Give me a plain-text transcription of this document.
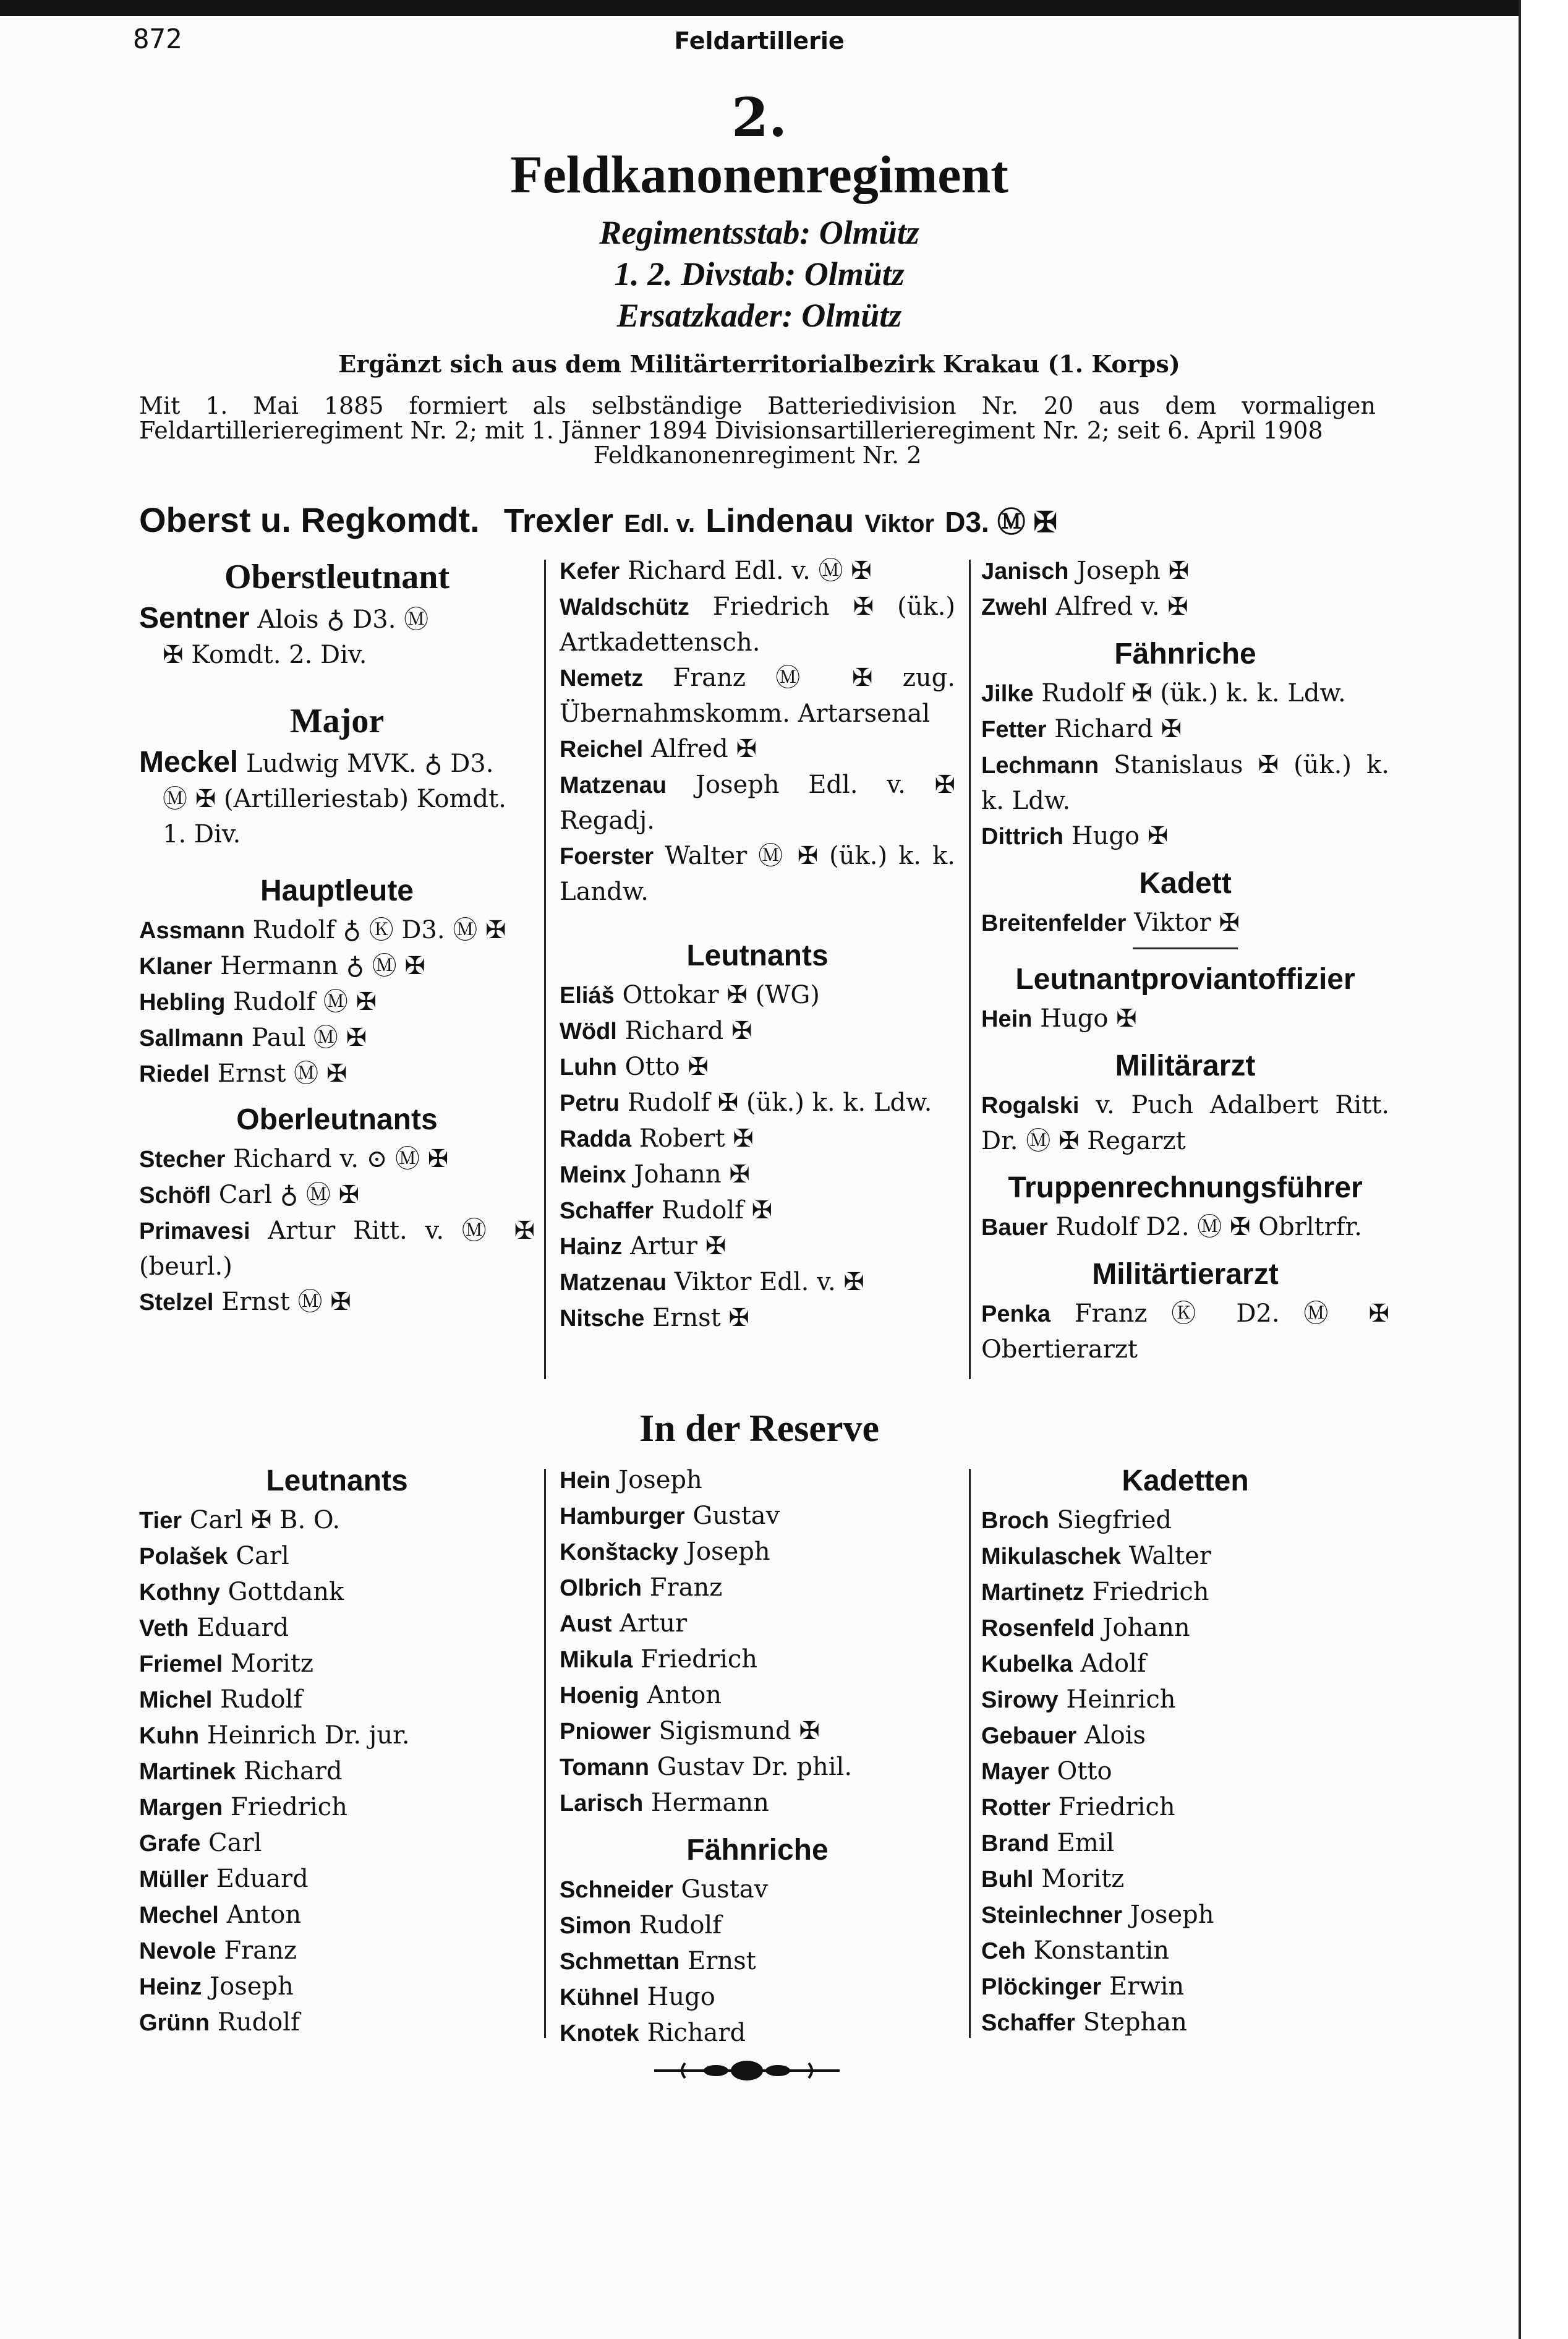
872	Feldartillerie
2.
Feldkanonenregiment
Regimentsstab: Olmütz
1. 2. Divstab: Olmütz
Ersatzkader: Olmütz
Ergänzt sich aus dem Militärterritorialbezirk Krakau (1. Korps)
Mit 1. Mai 1885 formiert als selbständige Batteriedivision Nr. 20 aus dem vormaligen Feldartillerieregiment Nr. 2; mit 1. Jänner 1894 Divisionsartillerieregiment Nr. 2; seit 6. April 1908
Feldkanonenregiment Nr. 2
Oberst u. Regkomdt. Trexler Edl. v. Lindenau Viktor D3. Ⓜ ✠
Oberstleutnant
Sentner Alois ♁ D3. Ⓜ
✠ Komdt. 2. Div.
Major
Meckel Ludwig MVK. ♁ D3.
Ⓜ ✠ (Artilleriestab) Komdt.
1. Div.
Hauptleute
Assmann Rudolf ♁ Ⓚ D3. Ⓜ ✠
Klaner Hermann ♁ Ⓜ ✠
Hebling Rudolf Ⓜ ✠
Sallmann Paul Ⓜ ✠
Riedel Ernst Ⓜ ✠
Oberleutnants
Stecher Richard v. ⊙ Ⓜ ✠
Schöfl Carl ♁ Ⓜ ✠
Primavesi Artur Ritt. v. Ⓜ ✠ (beurl.)
Stelzel Ernst Ⓜ ✠
Kefer Richard Edl. v. Ⓜ ✠
Waldschütz Friedrich ✠ (ük.) Artkadettensch.
Nemetz Franz Ⓜ ✠ zug. Übernahmskomm. Artarsenal
Reichel Alfred ✠
Matzenau Joseph Edl. v. ✠ Regadj.
Foerster Walter Ⓜ ✠ (ük.) k. k. Landw.
Leutnants
Eliáš Ottokar ✠ (WG)
Wödl Richard ✠
Luhn Otto ✠
Petru Rudolf ✠ (ük.) k. k. Ldw.
Radda Robert ✠
Meinx Johann ✠
Schaffer Rudolf ✠
Hainz Artur ✠
Matzenau Viktor Edl. v. ✠
Nitsche Ernst ✠
Janisch Joseph ✠
Zwehl Alfred v. ✠
Fähnriche
Jilke Rudolf ✠ (ük.) k. k. Ldw.
Fetter Richard ✠
Lechmann Stanislaus ✠ (ük.) k. k. Ldw.
Dittrich Hugo ✠
Kadett
Breitenfelder Viktor ✠
Leutnantproviantoffizier
Hein Hugo ✠
Militärarzt
Rogalski v. Puch Adalbert Ritt. Dr. Ⓜ ✠ Regarzt
Truppenrechnungsführer
Bauer Rudolf D2. Ⓜ ✠ Obrltrfr.
Militärtierarzt
Penka Franz Ⓚ D2. Ⓜ ✠ Obertierarzt
In der Reserve
Leutnants
Tier Carl ✠ B. O.
Polašek Carl
Kothny Gottdank
Veth Eduard
Friemel Moritz
Michel Rudolf
Kuhn Heinrich Dr. jur.
Martinek Richard
Margen Friedrich
Grafe Carl
Müller Eduard
Mechel Anton
Nevole Franz
Heinz Joseph
Grünn Rudolf
Hein Joseph
Hamburger Gustav
Konštacky Joseph
Olbrich Franz
Aust Artur
Mikula Friedrich
Hoenig Anton
Pniower Sigismund ✠
Tomann Gustav Dr. phil.
Larisch Hermann
Fähnriche
Schneider Gustav
Simon Rudolf
Schmettan Ernst
Kühnel Hugo
Knotek Richard
Kadetten
Broch Siegfried
Mikulaschek Walter
Martinetz Friedrich
Rosenfeld Johann
Kubelka Adolf
Sirowy Heinrich
Gebauer Alois
Mayer Otto
Rotter Friedrich
Brand Emil
Buhl Moritz
Steinlechner Joseph
Ceh Konstantin
Plöckinger Erwin
Schaffer Stephan
